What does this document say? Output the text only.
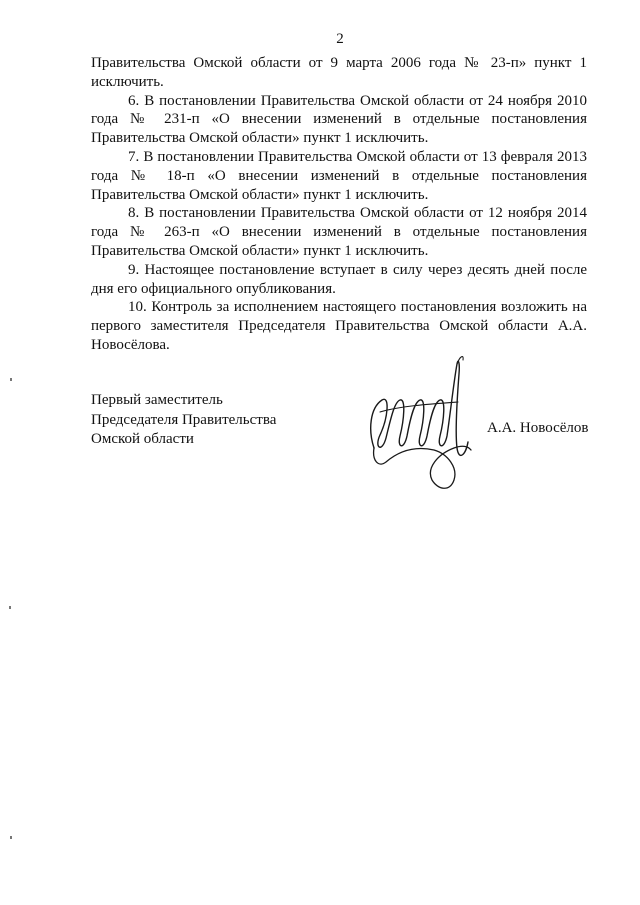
2

Правительства Омской области от 9 марта 2006 года № 23-п» пункт 1 исключить.

6. В постановлении Правительства Омской области от 24 ноября 2010 года № 231-п «О внесении изменений в отдельные постановления Правительства Омской области» пункт 1 исключить.

7. В постановлении Правительства Омской области от 13 февраля 2013 года № 18-п «О внесении изменений в отдельные постановления Правительства Омской области» пункт 1 исключить.

8. В постановлении Правительства Омской области от 12 ноября 2014 года № 263-п «О внесении изменений в отдельные постановления Правительства Омской области» пункт 1 исключить.

9. Настоящее постановление вступает в силу через десять дней после дня его официального опубликования.

10. Контроль за исполнением настоящего постановления возложить на первого заместителя Председателя Правительства Омской области А.А. Новосёлова.

Первый заместитель
Председателя Правительства
Омской области
А.А. Новосёлов
